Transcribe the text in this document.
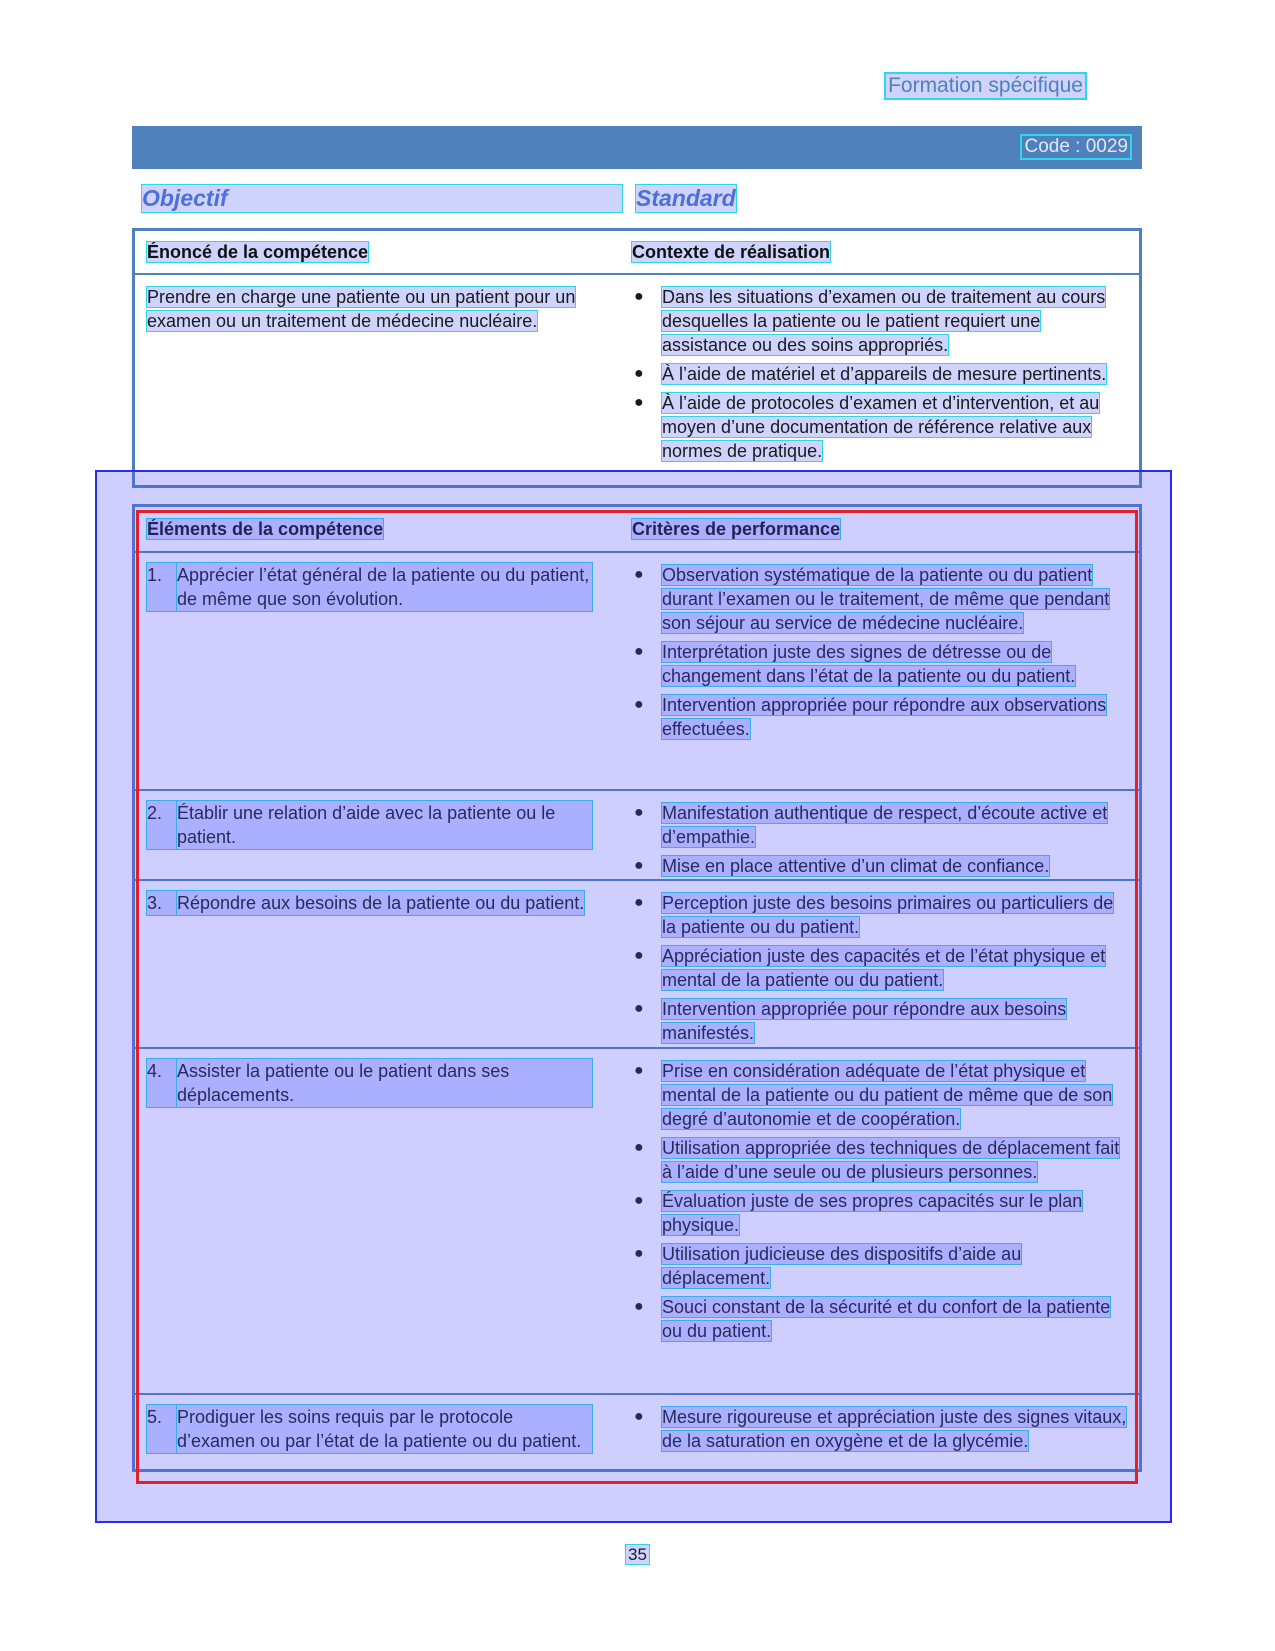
Formation spécifique
Code : 0029
Objectif	Standard
Énoncé de la compétence	Contexte de réalisation
Prendre en charge une patiente ou un patient pour un examen ou un traitement de médecine nucléaire.
● Dans les situations d’examen ou de traitement au cours desquelles la patiente ou le patient requiert une assistance ou des soins appropriés.
● À l’aide de matériel et d’appareils de mesure pertinents.
● À l’aide de protocoles d’examen et d’intervention, et au moyen d’une documentation de référence relative aux normes de pratique.
Éléments de la compétence	Critères de performance
1. Apprécier l’état général de la patiente ou du patient, de même que son évolution.
● Observation systématique de la patiente ou du patient durant l’examen ou le traitement, de même que pendant son séjour au service de médecine nucléaire.
● Interprétation juste des signes de détresse ou de changement dans l’état de la patiente ou du patient.
● Intervention appropriée pour répondre aux observations effectuées.
2. Établir une relation d’aide avec la patiente ou le patient.
● Manifestation authentique de respect, d’écoute active et d’empathie.
● Mise en place attentive d’un climat de confiance.
3. Répondre aux besoins de la patiente ou du patient.	● Perception juste des besoins primaires ou particuliers de la patiente ou du patient.
● Appréciation juste des capacités et de l’état physique et mental de la patiente ou du patient.
● Intervention appropriée pour répondre aux besoins manifestés.
4. Assister la patiente ou le patient dans ses déplacements.
● Prise en considération adéquate de l’état physique et mental de la patiente ou du patient de même que de son degré d’autonomie et de coopération.
● Utilisation appropriée des techniques de déplacement fait à l’aide d’une seule ou de plusieurs personnes.
● Évaluation juste de ses propres capacités sur le plan physique.
● Utilisation judicieuse des dispositifs d’aide au déplacement.
● Souci constant de la sécurité et du confort de la patiente ou du patient.
5. Prodiguer les soins requis par le protocole d’examen ou par l’état de la patiente ou du patient.
● Mesure rigoureuse et appréciation juste des signes vitaux, de la saturation en oxygène et de la glycémie.
35
